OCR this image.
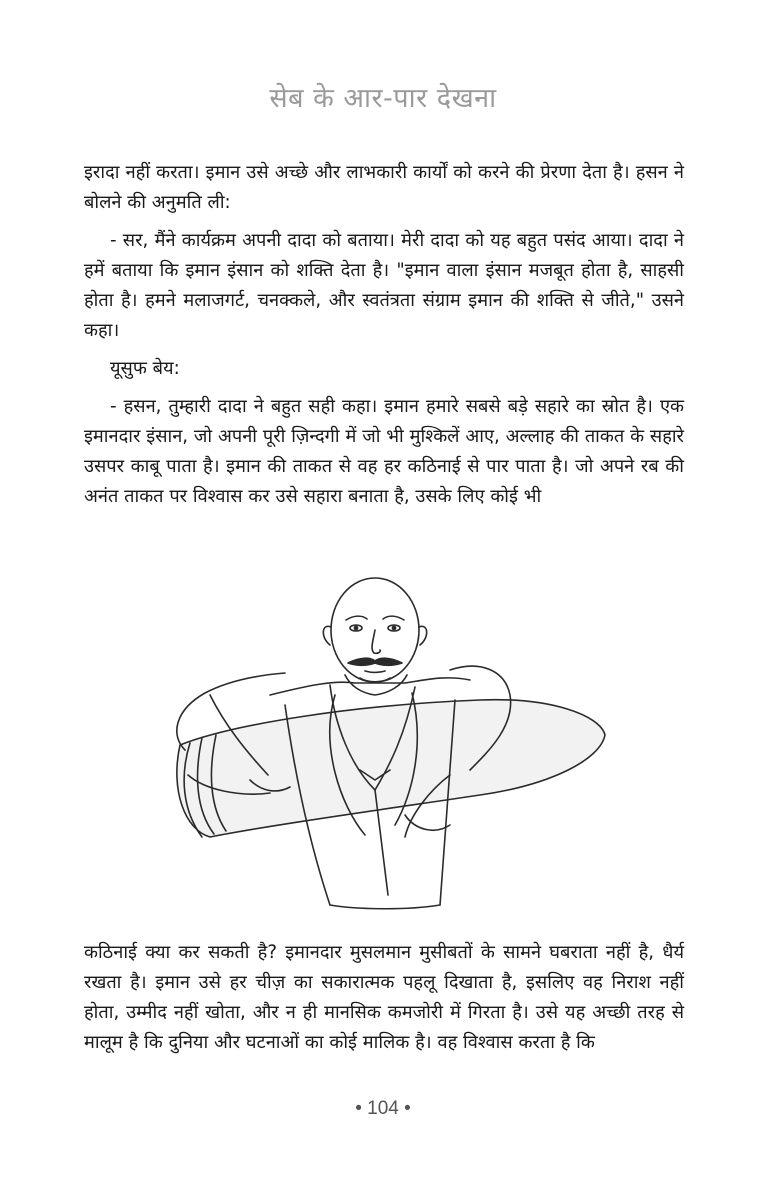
सेब के आर-पार देखना

इरादा नहीं करता। इमान उसे अच्छे और लाभकारी कार्यों को करने की प्रेरणा देता है। हसन ने बोलने की अनुमति ली:

- सर, मैंने कार्यक्रम अपनी दादा को बताया। मेरी दादा को यह बहुत पसंद आया। दादा ने हमें बताया कि इमान इंसान को शक्ति देता है। "इमान वाला इंसान मजबूत होता है, साहसी होता है। हमने मलाजगर्ट, चनक्कले, और स्वतंत्रता संग्राम इमान की शक्ति से जीते," उसने कहा।

यूसुफ बेय:

- हसन, तुम्हारी दादा ने बहुत सही कहा। इमान हमारे सबसे बड़े सहारे का स्रोत है। एक इमानदार इंसान, जो अपनी पूरी ज़िन्दगी में जो भी मुश्किलें आए, अल्लाह की ताकत के सहारे उसपर काबू पाता है। इमान की ताकत से वह हर कठिनाई से पार पाता है। जो अपने रब की अनंत ताकत पर विश्वास कर उसे सहारा बनाता है, उसके लिए कोई भी

कठिनाई क्या कर सकती है? इमानदार मुसलमान मुसीबतों के सामने घबराता नहीं है, धैर्य रखता है। इमान उसे हर चीज़ का सकारात्मक पहलू दिखाता है, इसलिए वह निराश नहीं होता, उम्मीद नहीं खोता, और न ही मानसिक कमजोरी में गिरता है। उसे यह अच्छी तरह से मालूम है कि दुनिया और घटनाओं का कोई मालिक है। वह विश्वास करता है कि

• 104 •
